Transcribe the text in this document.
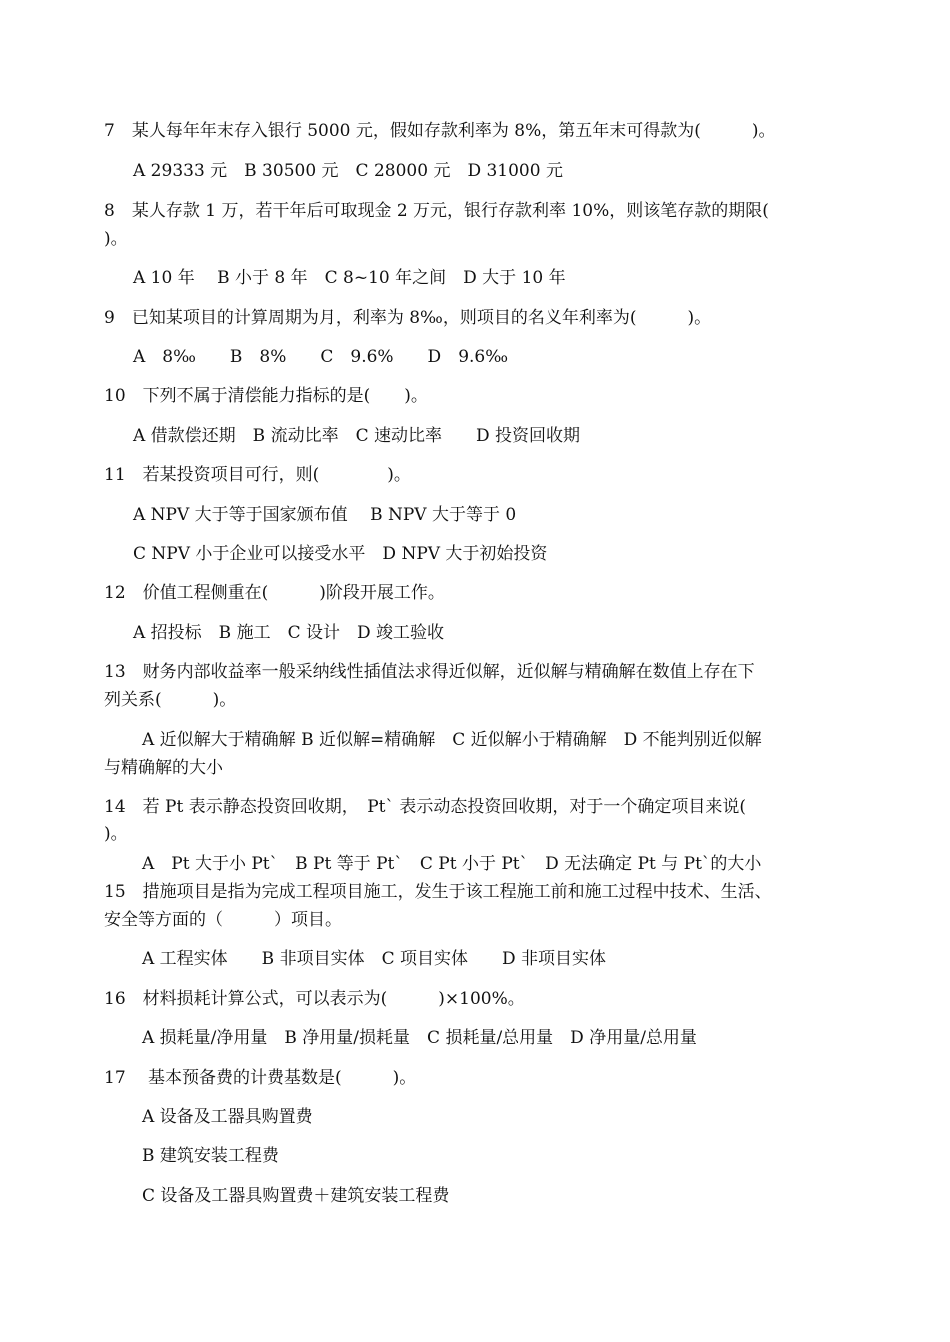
7　某人每年年末存入银行 5000 元，假如存款利率为 8%，第五年末可得款为(　　　)。
A 29333 元　B 30500 元　C 28000 元　D 31000 元
8　某人存款 1 万，若干年后可取现金 2 万元，银行存款利率 10%，则该笔存款的期限(
)。
A 10 年　 B 小于 8 年　C 8~10 年之间　D 大于 10 年
9　已知某项目的计算周期为月，利率为 8‰，则项目的名义年利率为(　　　)。
A　8‰　　B　8%　　C　9.6%　　D　9.6‰
10　下列不属于清偿能力指标的是(　　)。
A 借款偿还期　B 流动比率　C 速动比率　　D 投资回收期
11　若某投资项目可行，则(　　　　)。
A NPV 大于等于国家颁布值　 B NPV 大于等于 0
C NPV 小于企业可以接受水平　D NPV 大于初始投资
12　价值工程侧重在(　　　)阶段开展工作。
A 招投标　B 施工　C 设计　D 竣工验收
13　财务内部收益率一般采纳线性插值法求得近似解，近似解与精确解在数值上存在下
列关系(　　　)。
A 近似解大于精确解 B 近似解=精确解　C 近似解小于精确解　D 不能判别近似解
与精确解的大小
14　若 Pt 表示静态投资回收期，　Pt` 表示动态投资回收期，对于一个确定项目来说(
)。
A　Pt 大于小 Pt`　B Pt 等于 Pt`　C Pt 小于 Pt`　D 无法确定 Pt 与 Pt`的大小
15　措施项目是指为完成工程项目施工，发生于该工程施工前和施工过程中技术、生活、
安全等方面的（　　　）项目。
A 工程实体　　B 非项目实体　C 项目实体　　D 非项目实体
16　材料损耗计算公式，可以表示为(　　　)×100%。
A 损耗量/净用量　B 净用量/损耗量　C 损耗量/总用量　D 净用量/总用量
17　 基本预备费的计费基数是(　　　)。
A 设备及工器具购置费
B 建筑安装工程费
C 设备及工器具购置费＋建筑安装工程费
